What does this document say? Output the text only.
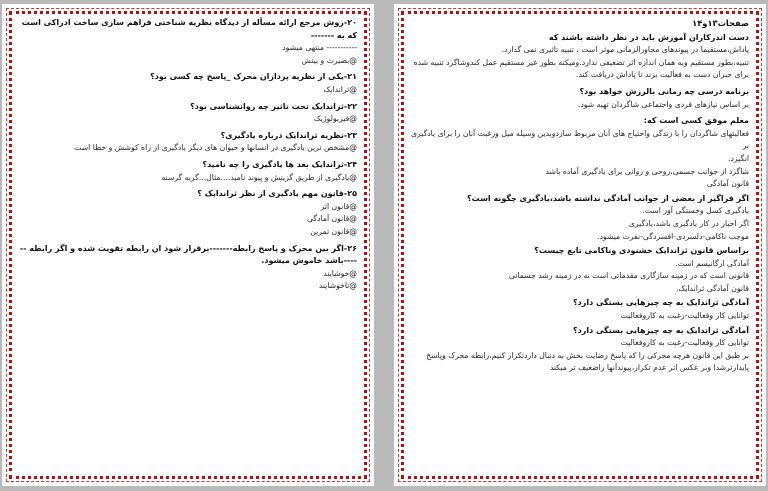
۲۰-روش مرجع ارائه مسأله از دیدگاه نظریه شناختی فراهم سازی ساخت ادراکی است که به -------
----------- منتهی میشود
@بصیرت و بینش
۲۱-یکی از نظریه پردازان محرک _پاسخ چه کسی بود؟
@ثراندایک
۲۲-ثراندایک تحت تاثیر چه روانشناسی بود؟
@فیزیولوژیک
۲۳-نظریه ثراندایک درباره یادگیری؟
@مشخص ترین یادگیری در انسانها و حیوان های دیگر یادگیری از راه کوشش و خطا است
۲۴-ثراندایک بعد ها یادگیری را چه نامید؟
@یادگیری از طریق گزینش و پیوند نامید....مثال...گربه گرسنه
۲۵-قانون مهم یادگیری از نظر ثراندایک ؟
@قانون اثر
@قانون آمادگی
@قانون تمرین
۲۶-اگر بین محرک و پاسخ رابطه-------برقرار شود ان رابطه تقویت شده و اگر رابطه ------باشد خاموش میشود.
@خوشایند
@ناخوشایند
صفحات۱۳و۱۴
دست اندرکاران آموزش باید در نظر داشته باشند که
پاداش،مستقیما در پیوندهای مجاورالزمانی موثر است ، تنبیه تاثیری نمی گذارد.
تنبیه،بطور مستقیم وبه همان اندازه اثر تضعیفی ندارد.ومیکنه بطور غیر مستقیم عمل کندوشاگرد تنبیه شده
برای جبران دست به فعالیت بزند تا پاداش دریافت کند.
برنامه درسی چه زمانی بالرزش خواهد بود؟
بر اساس نیازهای فردی واجتماعی شاگردان تهیه شود.
معلم موفق کسی است که:
فعالیتهای شاگردان را با زندگی واحتیاج های آنان مربوط سازدوبدین وسیله میل ورغبت آنان را برای یادگیری بر
انگیزد.
شاگرد از جوانب جسمی،روحی و روانی برای یادگیری آماده باشد
قانون آمادگی
اگر فراگیر از بعضی از جوانب آمادگی نداشته باشد،یادگیری چگونه است؟
یادگیری کسل وخستگی آور است.
اگر اجبار در کار یادگیری باشد،یادگیری
موجب ناکامی-دلسردی-افسردگی-نفرت میشود.
براساس قانون ثراندایک خشنودی وناکامی تابع چیست؟
آمادگی ارگانیسم است.
قانونی است که در زمینه سازگاری مقدماتی است نه در زمینه رشد جسمانی
قانون آمادگی ثراندایک.
آمادگی ثراندایک به چه چیزهایی بستگی دارد؟
توانایی کار وفعالیت-رغبت به کاروفعالیت
آمادگی ثراندایک به چه چیزهایی بستگی دارد؟
توانایی کار وفعالیت-رغبت به کاروفعالیت
بر طبق این قانون هرچه محرکی را که پاسخ رضایت بخش به دنبال داردتکرار کنیم،رابطه محرک وپاسخ
پایدارترشدا وبر عکس اثر عدم تکرار،پیوندآنها راضعیف تر میکند
